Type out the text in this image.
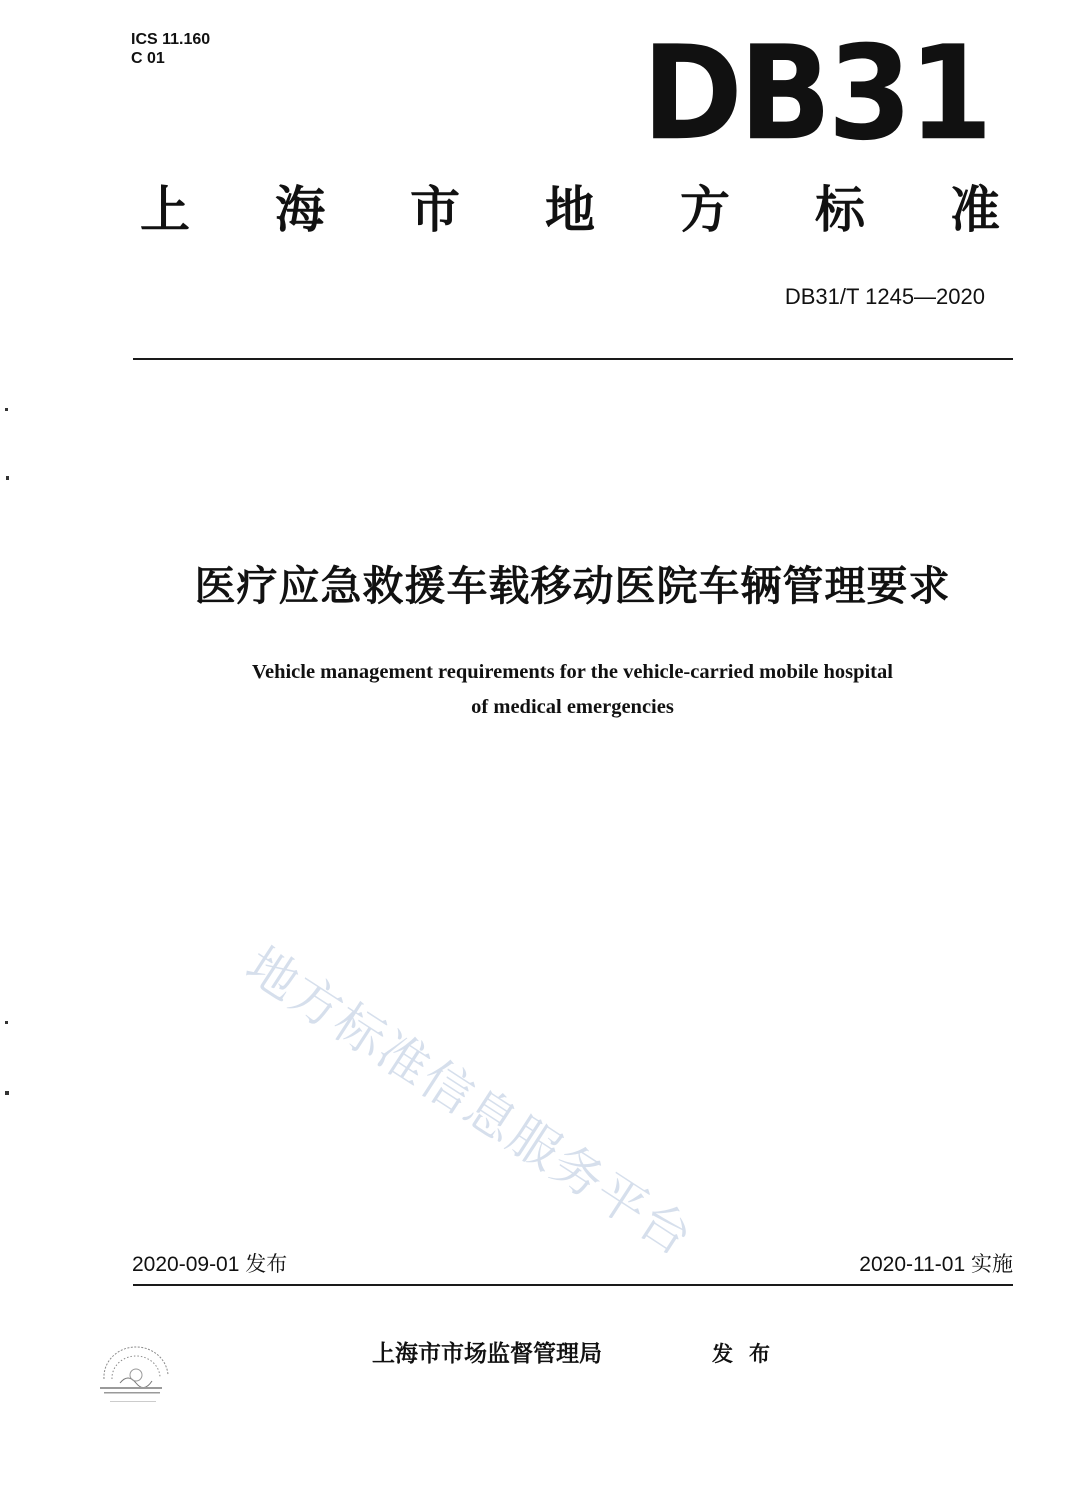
ICS 11.160
C 01	DB31
上 海 市 地 方 标 准
DB31/T 1245—2020
医疗应急救援车载移动医院车辆管理要求
Vehicle management requirements for the vehicle-carried mobile hospital
of medical emergencies
地方标准信息服务平台
2020-09-01 发布	2020-11-01 实施
上海市市场监督管理局	发布
